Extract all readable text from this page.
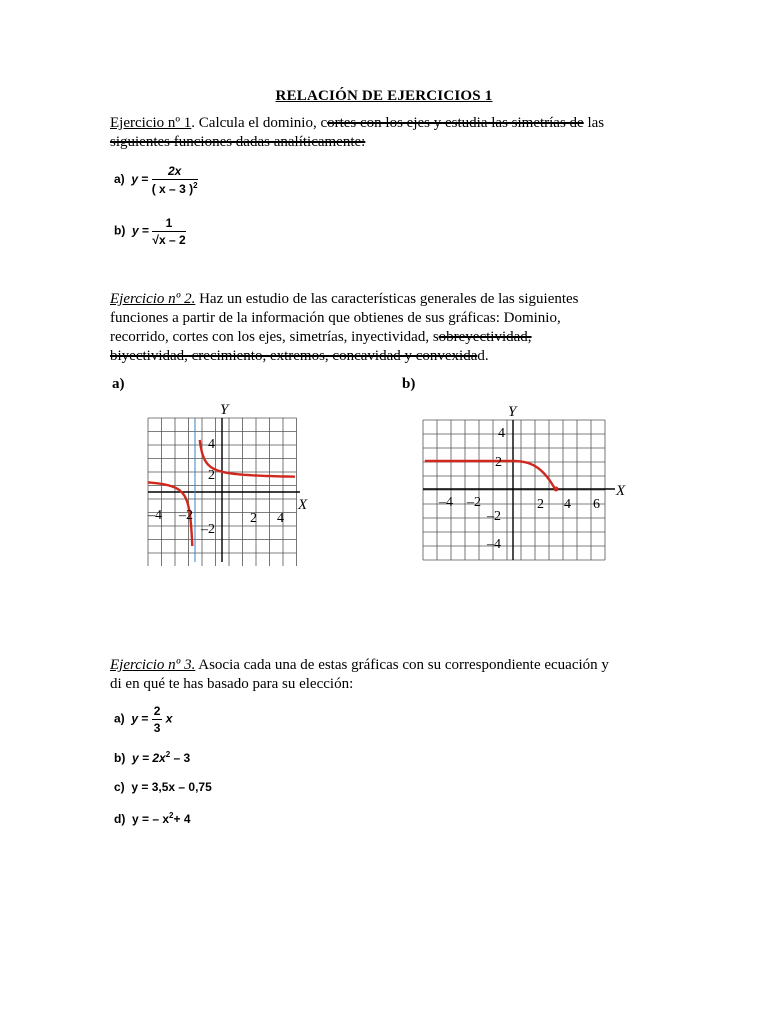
RELACIÓN DE EJERCICIOS 1
Ejercicio nº 1. Calcula el dominio, cortes con los ejes y estudia las simetrías de las
siguientes funciones dadas analíticamente:
a) $y = \frac{2x}{( x - 3 )^2}$
b) $y = \frac{1}{√x - 2}$
Ejercicio nº 2. Haz un estudio de las características generales de las siguientes
funciones a partir de la información que obtienes de sus gráficas: Dominio,
recorrido, cortes con los ejes, simetrías, inyectividad, sobreyectividad,
biyectividad, crecimiento, extremos, concavidad y convexidad.
a)	b)
Y
X
–4 –2	2 4
4
2
–2
Y
X
–4 –2	2 4 6
4
2
–2
–4
Ejercicio nº 3. Asocia cada una de estas gráficas con su correspondiente ecuación y
di en qué te has basado para su elección:
a) $y = \frac{2}{3}$ x
b) $y = 2x^2 - 3$
c) y = 3,5x – 0,75
d) y = – $x^2+ 4$
